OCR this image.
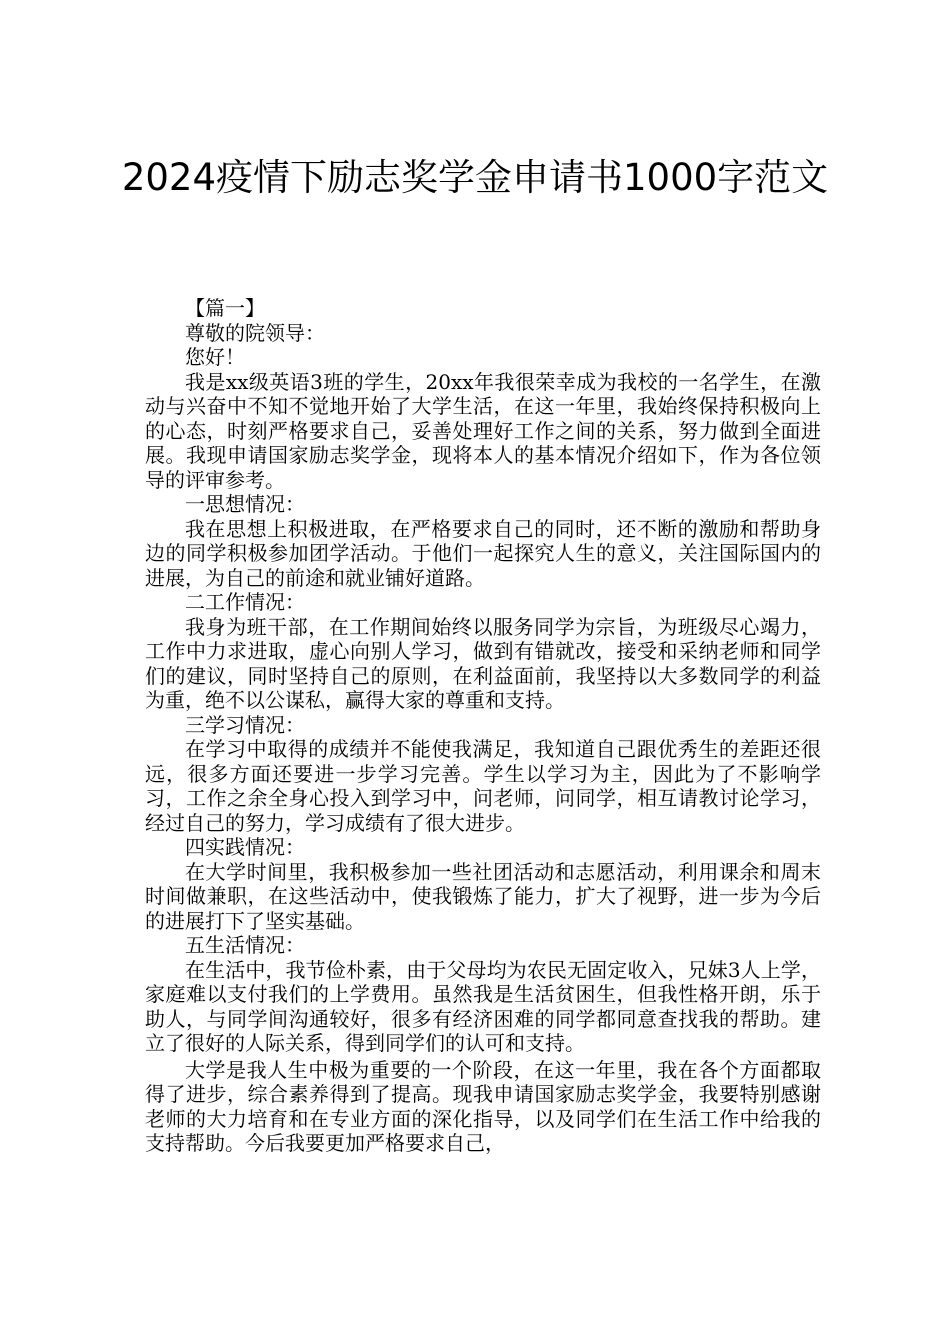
2024疫情下励志奖学金申请书1000字范文

【篇一】

尊敬的院领导：

您好！

我是xx级英语3班的学生，20xx年我很荣幸成为我校的一名学生，在激动与兴奋中不知不觉地开始了大学生活，在这一年里，我始终保持积极向上的心态，时刻严格要求自己，妥善处理好工作之间的关系，努力做到全面进展。我现申请国家励志奖学金，现将本人的基本情况介绍如下，作为各位领导的评审参考。

一思想情况：

我在思想上积极进取，在严格要求自己的同时，还不断的激励和帮助身边的同学积极参加团学活动。于他们一起探究人生的意义，关注国际国内的进展，为自己的前途和就业铺好道路。

二工作情况：

我身为班干部，在工作期间始终以服务同学为宗旨，为班级尽心竭力，工作中力求进取，虚心向别人学习，做到有错就改，接受和采纳老师和同学们的建议，同时坚持自己的原则，在利益面前，我坚持以大多数同学的利益为重，绝不以公谋私，赢得大家的尊重和支持。

三学习情况：

在学习中取得的成绩并不能使我满足，我知道自己跟优秀生的差距还很远，很多方面还要进一步学习完善。学生以学习为主，因此为了不影响学习，工作之余全身心投入到学习中，问老师，问同学，相互请教讨论学习，经过自己的努力，学习成绩有了很大进步。

四实践情况：

在大学时间里，我积极参加一些社团活动和志愿活动，利用课余和周末时间做兼职，在这些活动中，使我锻炼了能力，扩大了视野，进一步为今后的进展打下了坚实基础。

五生活情况：

在生活中，我节俭朴素，由于父母均为农民无固定收入，兄妹3人上学，家庭难以支付我们的上学费用。虽然我是生活贫困生，但我性格开朗，乐于助人，与同学间沟通较好，很多有经济困难的同学都同意查找我的帮助。建立了很好的人际关系，得到同学们的认可和支持。

大学是我人生中极为重要的一个阶段，在这一年里，我在各个方面都取得了进步，综合素养得到了提高。现我申请国家励志奖学金，我要特别感谢老师的大力培育和在专业方面的深化指导，以及同学们在生活工作中给我的支持帮助。今后我要更加严格要求自己，
